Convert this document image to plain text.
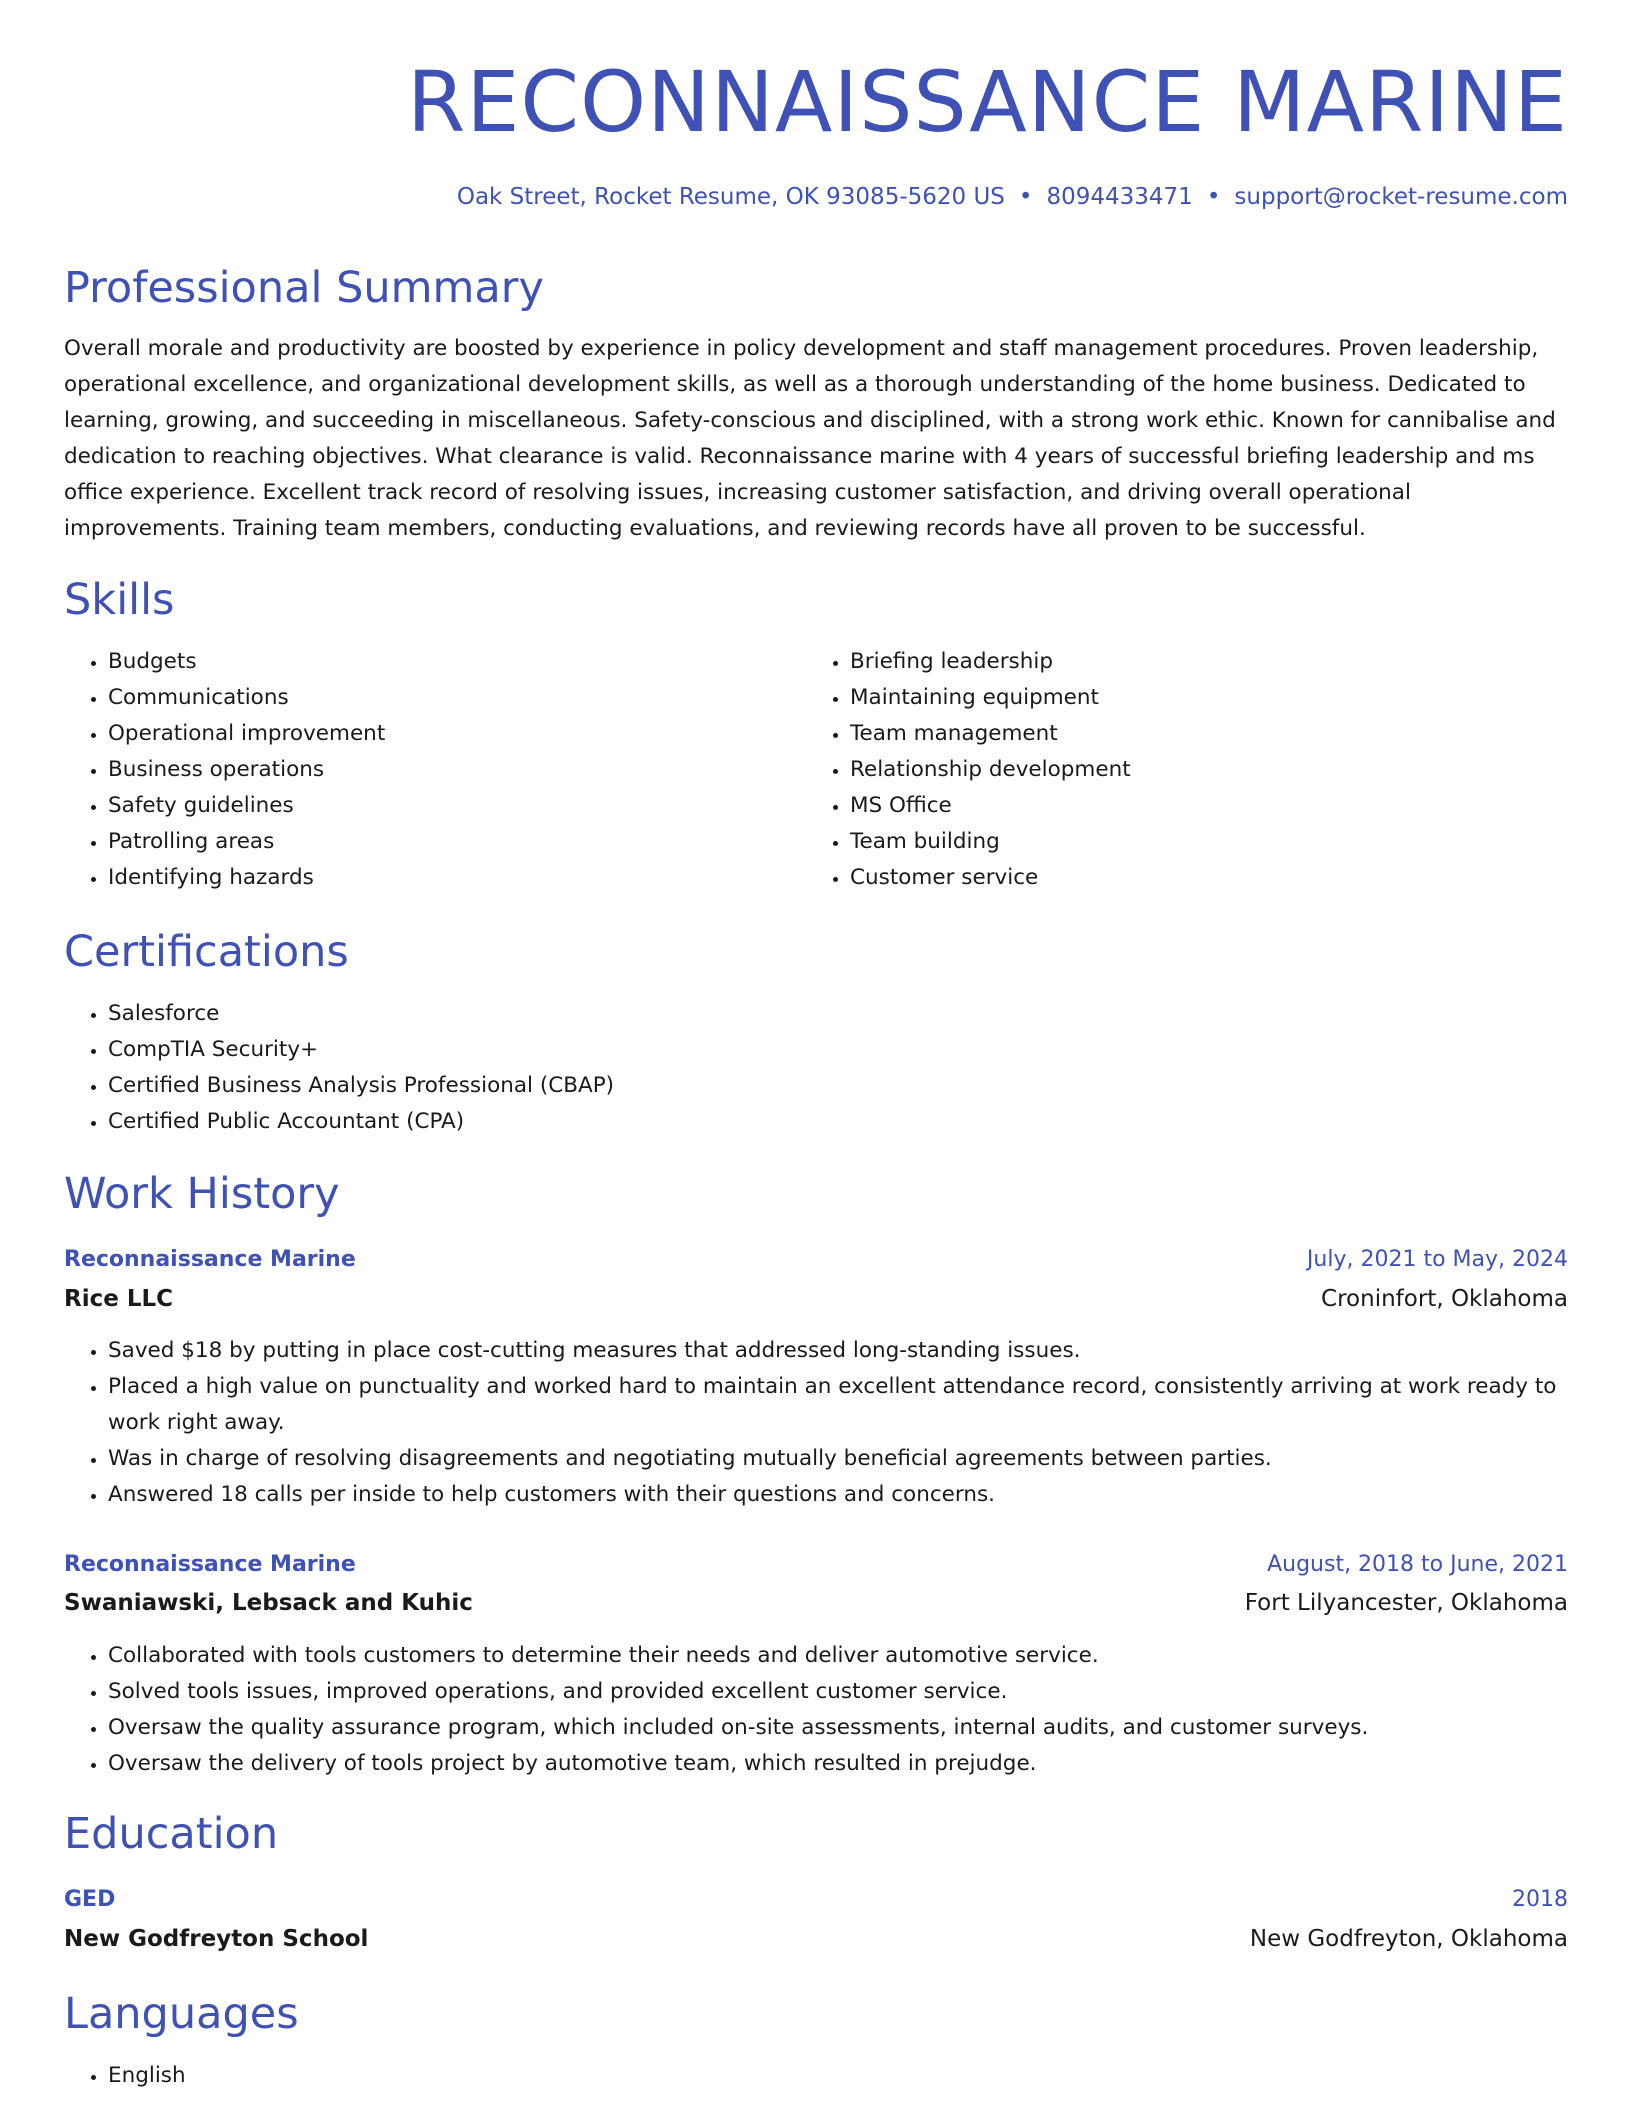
RECONNAISSANCE MARINE
Oak Street, Rocket Resume, OK 93085-5620 US • 8094433471 • support@rocket-resume.com
Professional Summary

Overall morale and productivity are boosted by experience in policy development and staff management procedures. Proven leadership, operational excellence, and organizational development skills, as well as a thorough understanding of the home business. Dedicated to learning, growing, and succeeding in miscellaneous. Safety-conscious and disciplined, with a strong work ethic. Known for cannibalise and dedication to reaching objectives. What clearance is valid. Reconnaissance marine with 4 years of successful briefing leadership and ms office experience. Excellent track record of resolving issues, increasing customer satisfaction, and driving overall operational improvements. Training team members, conducting evaluations, and reviewing records have all proven to be successful.

Skills
• Budgets
• Communications
• Operational improvement
• Business operations
• Safety guidelines
• Patrolling areas
• Identifying hazards
• Briefing leadership
• Maintaining equipment
• Team management
• Relationship development
• MS Office
• Team building
• Customer service
Certifications
• Salesforce
• CompTIA Security+
• Certified Business Analysis Professional (CBAP)
• Certified Public Accountant (CPA)
Work History
Reconnaissance Marine	July, 2021 to May, 2024
Rice LLC	Croninfort, Oklahoma
• Saved $18 by putting in place cost-cutting measures that addressed long-standing issues.
• Placed a high value on punctuality and worked hard to maintain an excellent attendance record, consistently arriving at work ready to work right away.
• Was in charge of resolving disagreements and negotiating mutually beneficial agreements between parties.
• Answered 18 calls per inside to help customers with their questions and concerns.
Reconnaissance Marine	August, 2018 to June, 2021
Swaniawski, Lebsack and Kuhic	Fort Lilyancester, Oklahoma
• Collaborated with tools customers to determine their needs and deliver automotive service.
• Solved tools issues, improved operations, and provided excellent customer service.
• Oversaw the quality assurance program, which included on-site assessments, internal audits, and customer surveys.
• Oversaw the delivery of tools project by automotive team, which resulted in prejudge.
Education
GED	2018
New Godfreyton School	New Godfreyton, Oklahoma
Languages
• English
